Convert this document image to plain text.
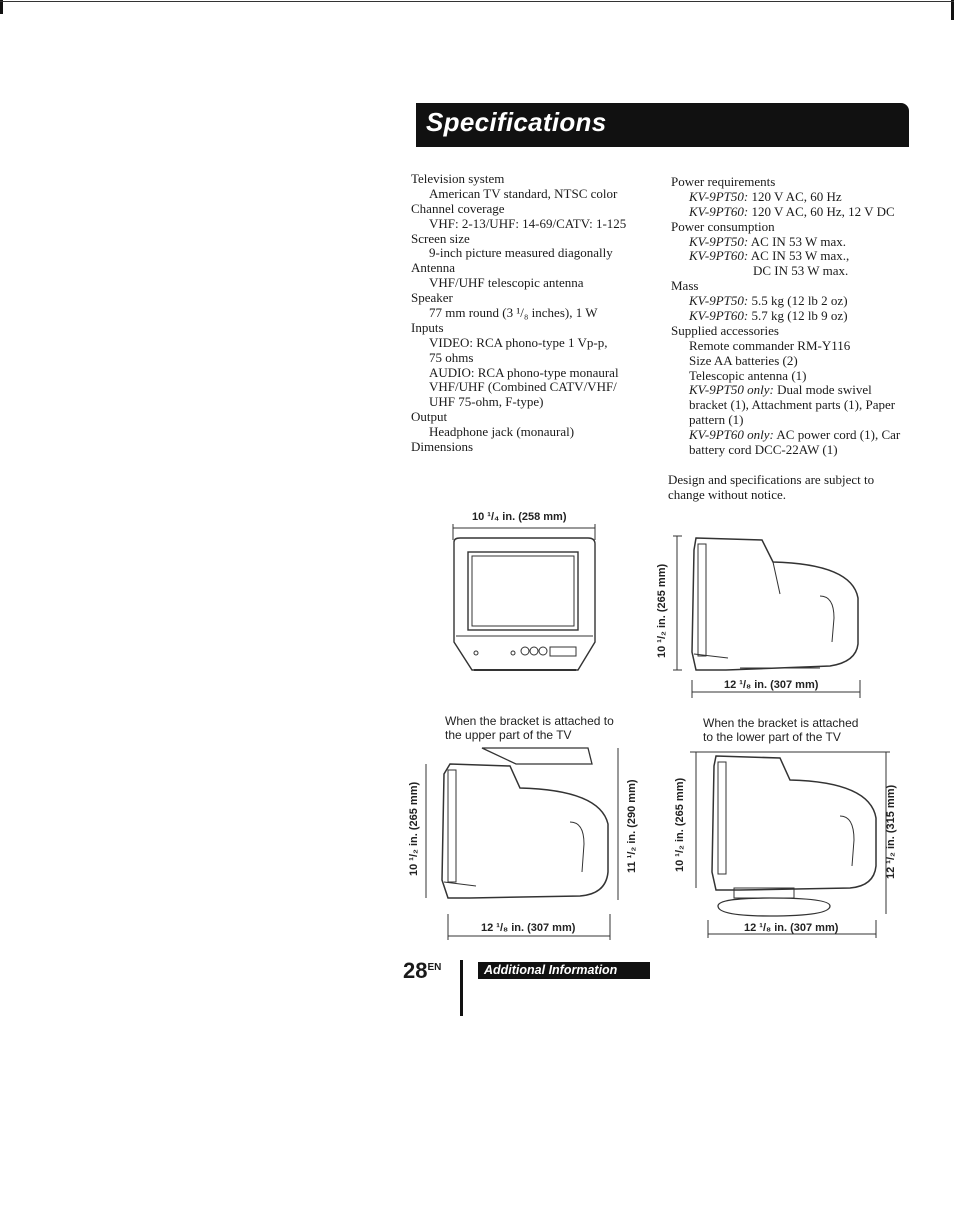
Specifications
Television system
American TV standard, NTSC color
Channel coverage
VHF: 2-13/UHF: 14-69/CATV: 1-125
Screen size
9-inch picture measured diagonally
Antenna
VHF/UHF telescopic antenna
Speaker
77 mm round (3 ¹/₈ inches), 1 W
Inputs
VIDEO: RCA phono-type 1 Vp-p,
75 ohms
AUDIO: RCA phono-type monaural
VHF/UHF (Combined CATV/VHF/
UHF 75-ohm, F-type)
Output
Headphone jack (monaural)
Dimensions
Power requirements
KV-9PT50: 120 V AC, 60 Hz
KV-9PT60: 120 V AC, 60 Hz, 12 V DC
Power consumption
KV-9PT50: AC IN 53 W max.
KV-9PT60: AC IN 53 W max.,
DC IN 53 W max.
Mass
KV-9PT50: 5.5 kg (12 lb 2 oz)
KV-9PT60: 5.7 kg (12 lb 9 oz)
Supplied accessories
Remote commander RM-Y116
Size AA batteries (2)
Telescopic antenna (1)
KV-9PT50 only: Dual mode swivel
bracket (1), Attachment parts (1), Paper
pattern (1)
KV-9PT60 only: AC power cord (1), Car
battery cord DCC-22AW (1)
Design and specifications are subject to
change without notice.
10 ¹/₄ in. (258 mm)
10 ¹/₂ in. (265 mm)
12 ¹/₈ in. (307 mm)
When the bracket is attached to
the upper part of the TV
When the bracket is attached
to the lower part of the TV
10 ¹/₂ in. (265 mm)	11 ¹/₂ in. (290 mm)
12 ¹/₈ in. (307 mm)
10 ¹/₂ in. (265 mm)	12 ¹/₂ in. (315 mm)
12 ¹/₈ in. (307 mm)
$28^{EN}$	Additional Information
